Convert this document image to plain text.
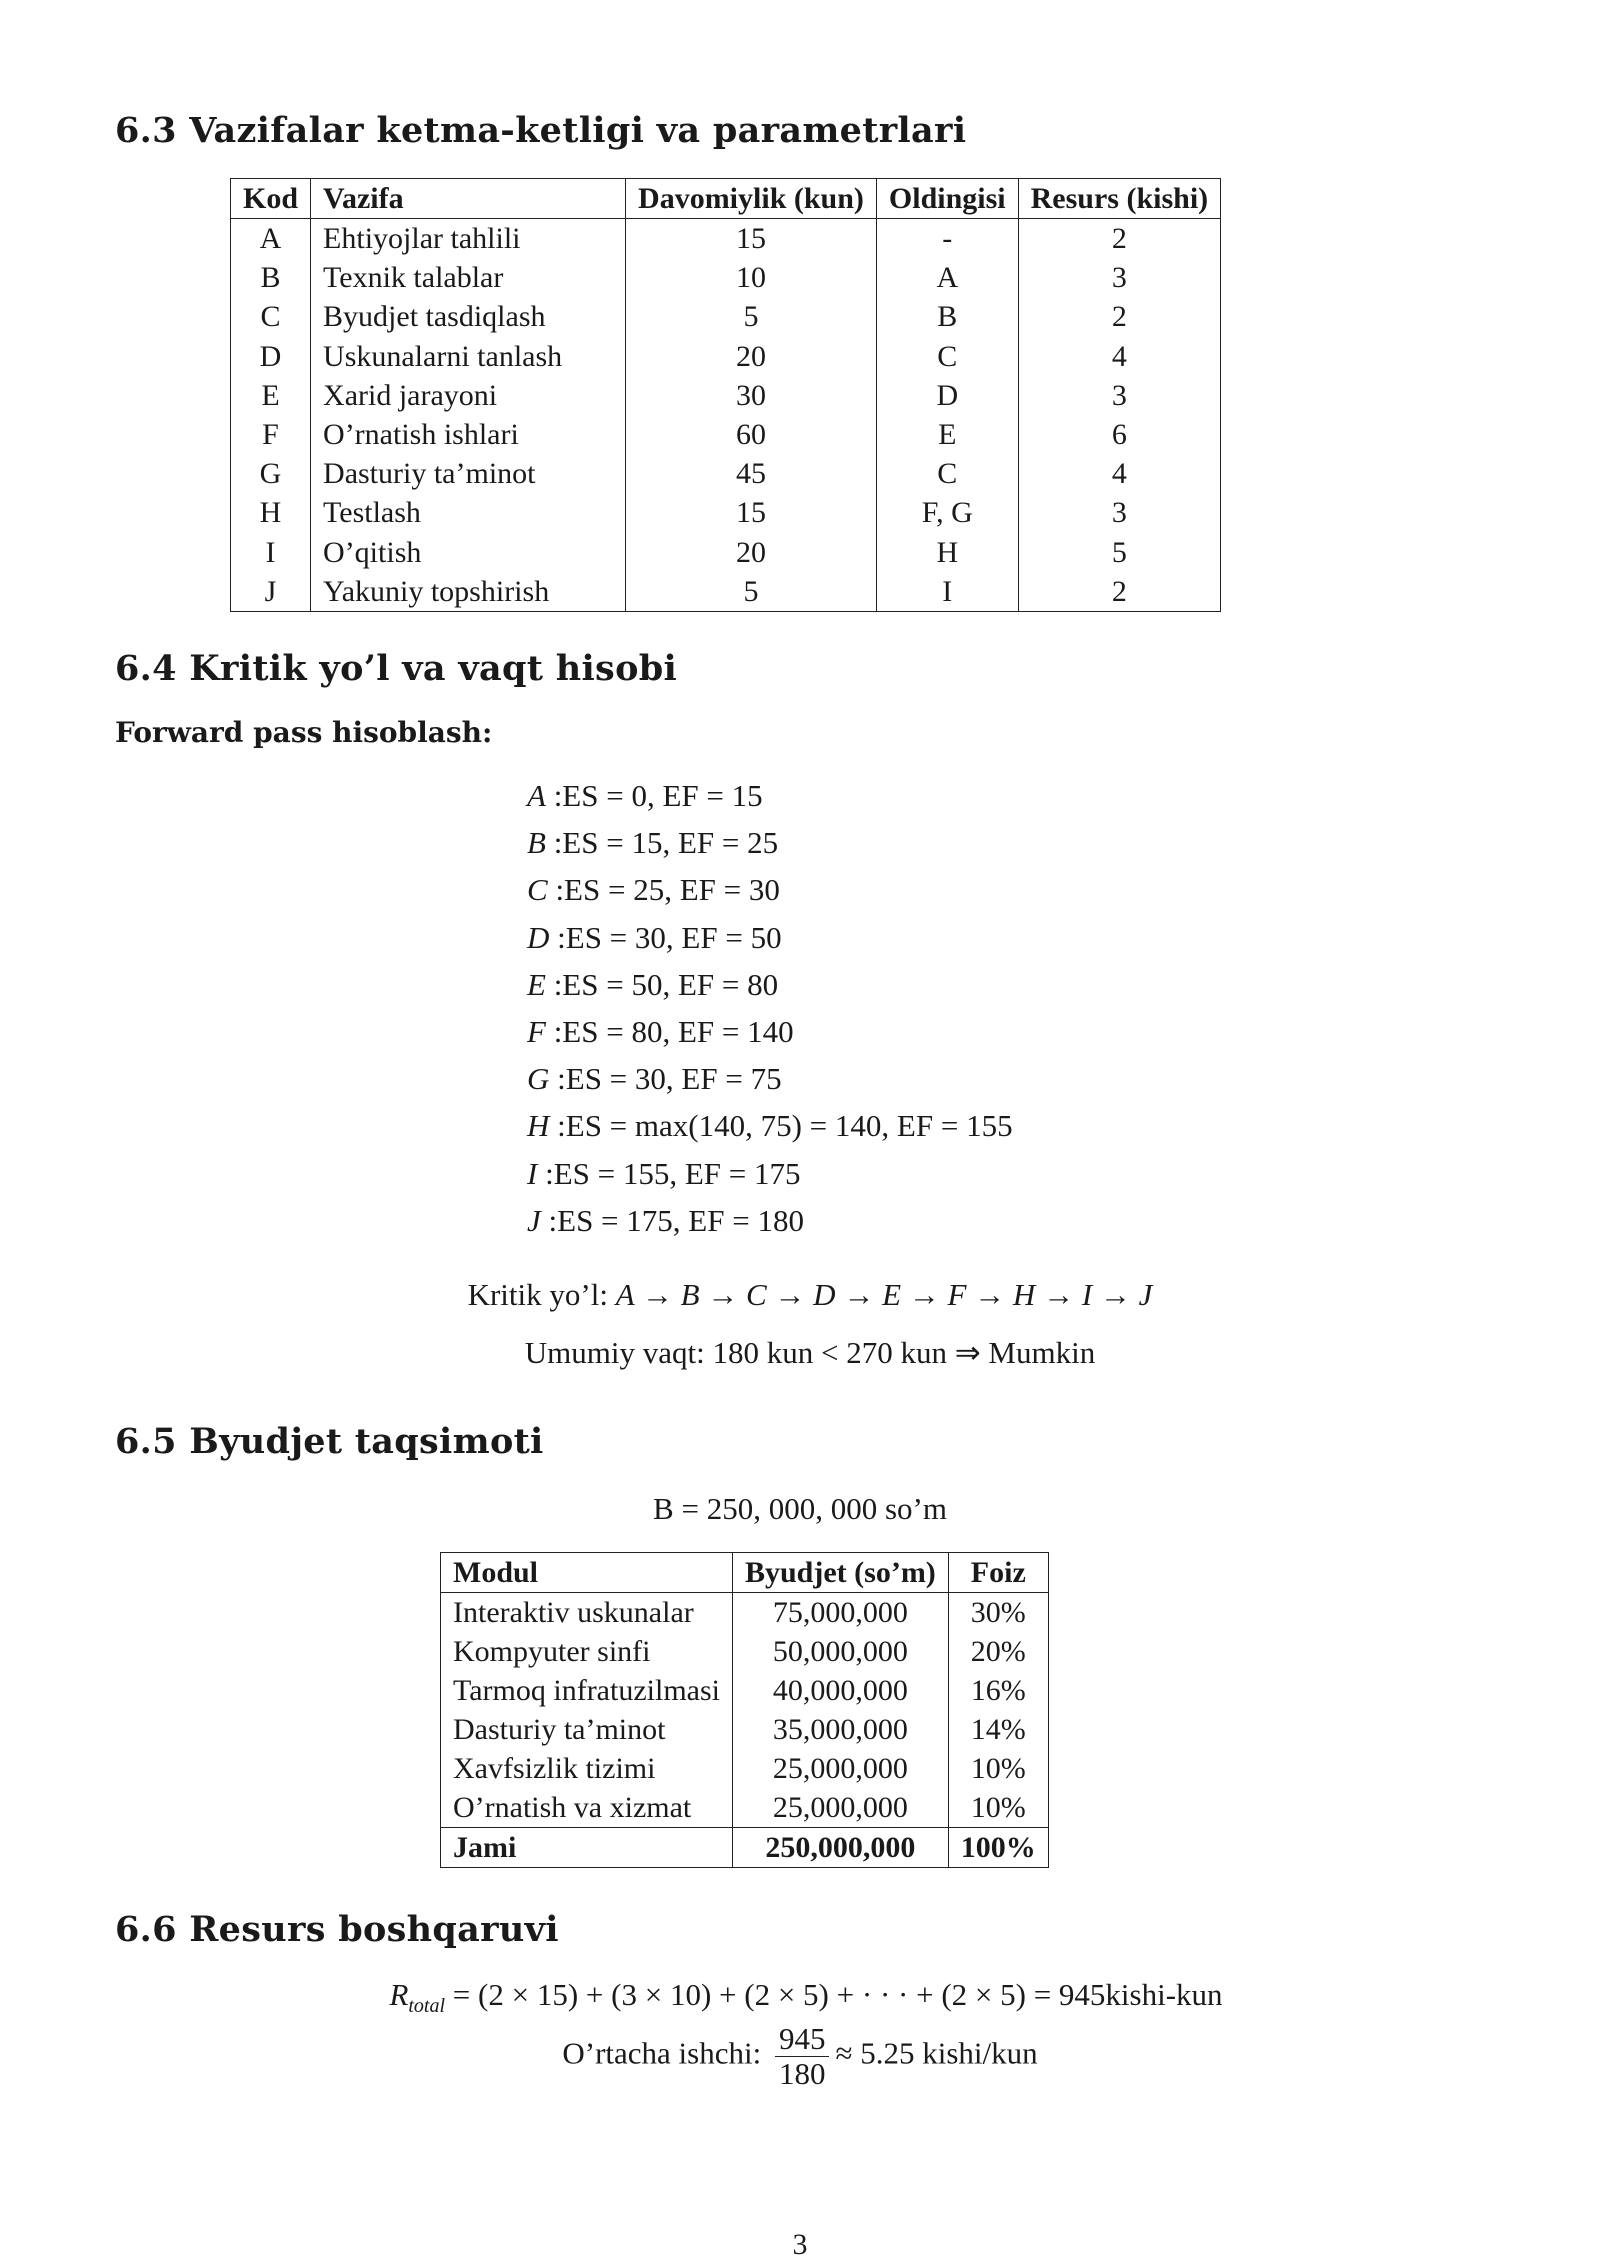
6.3 Vazifalar ketma-ketligi va parametrlari
Kod	Vazifa	Davomiylik (kun)	Oldingisi	Resurs (kishi)
A	Ehtiyojlar tahlili	15	-	2
B	Texnik talablar	10	A	3
C	Byudjet tasdiqlash	5	B	2
D	Uskunalarni tanlash	20	C	4
E	Xarid jarayoni	30	D	3
F	O’rnatish ishlari	60	E	6
G	Dasturiy ta’minot	45	C	4
H	Testlash	15	F, G	3
I	O’qitish	20	H	5
J	Yakuniy topshirish	5	I	2
6.4 Kritik yo’l va vaqt hisobi
Forward pass hisoblash:
A :ES = 0, EF = 15
B :ES = 15, EF = 25
C :ES = 25, EF = 30
D :ES = 30, EF = 50
E :ES = 50, EF = 80
F :ES = 80, EF = 140
G :ES = 30, EF = 75
H :ES = max(140, 75) = 140, EF = 155
I :ES = 155, EF = 175
J :ES = 175, EF = 180
Kritik yo’l: A → B → C → D → E → F → H → I → J
Umumiy vaqt: 180 kun < 270 kun ⇒ Mumkin
6.5 Byudjet taqsimoti
B = 250, 000, 000 so’m
Modul	Byudjet (so’m)	Foiz
Interaktiv uskunalar	75,000,000	30%
Kompyuter sinfi	50,000,000	20%
Tarmoq infratuzilmasi	40,000,000	16%
Dasturiy ta’minot	35,000,000	14%
Xavfsizlik tizimi	25,000,000	10%
O’rnatish va xizmat	25,000,000	10%
Jami	250,000,000	100%
6.6 Resurs boshqaruvi
$R_{total} = (2 \times 15) + (3 \times 10) + (2 \times 5)$ + · · · + (2 × 5) = 945kishi-kun
O’rtacha ishchi: $\frac{945}{180} \approx 5.25$ kishi/kun
3
